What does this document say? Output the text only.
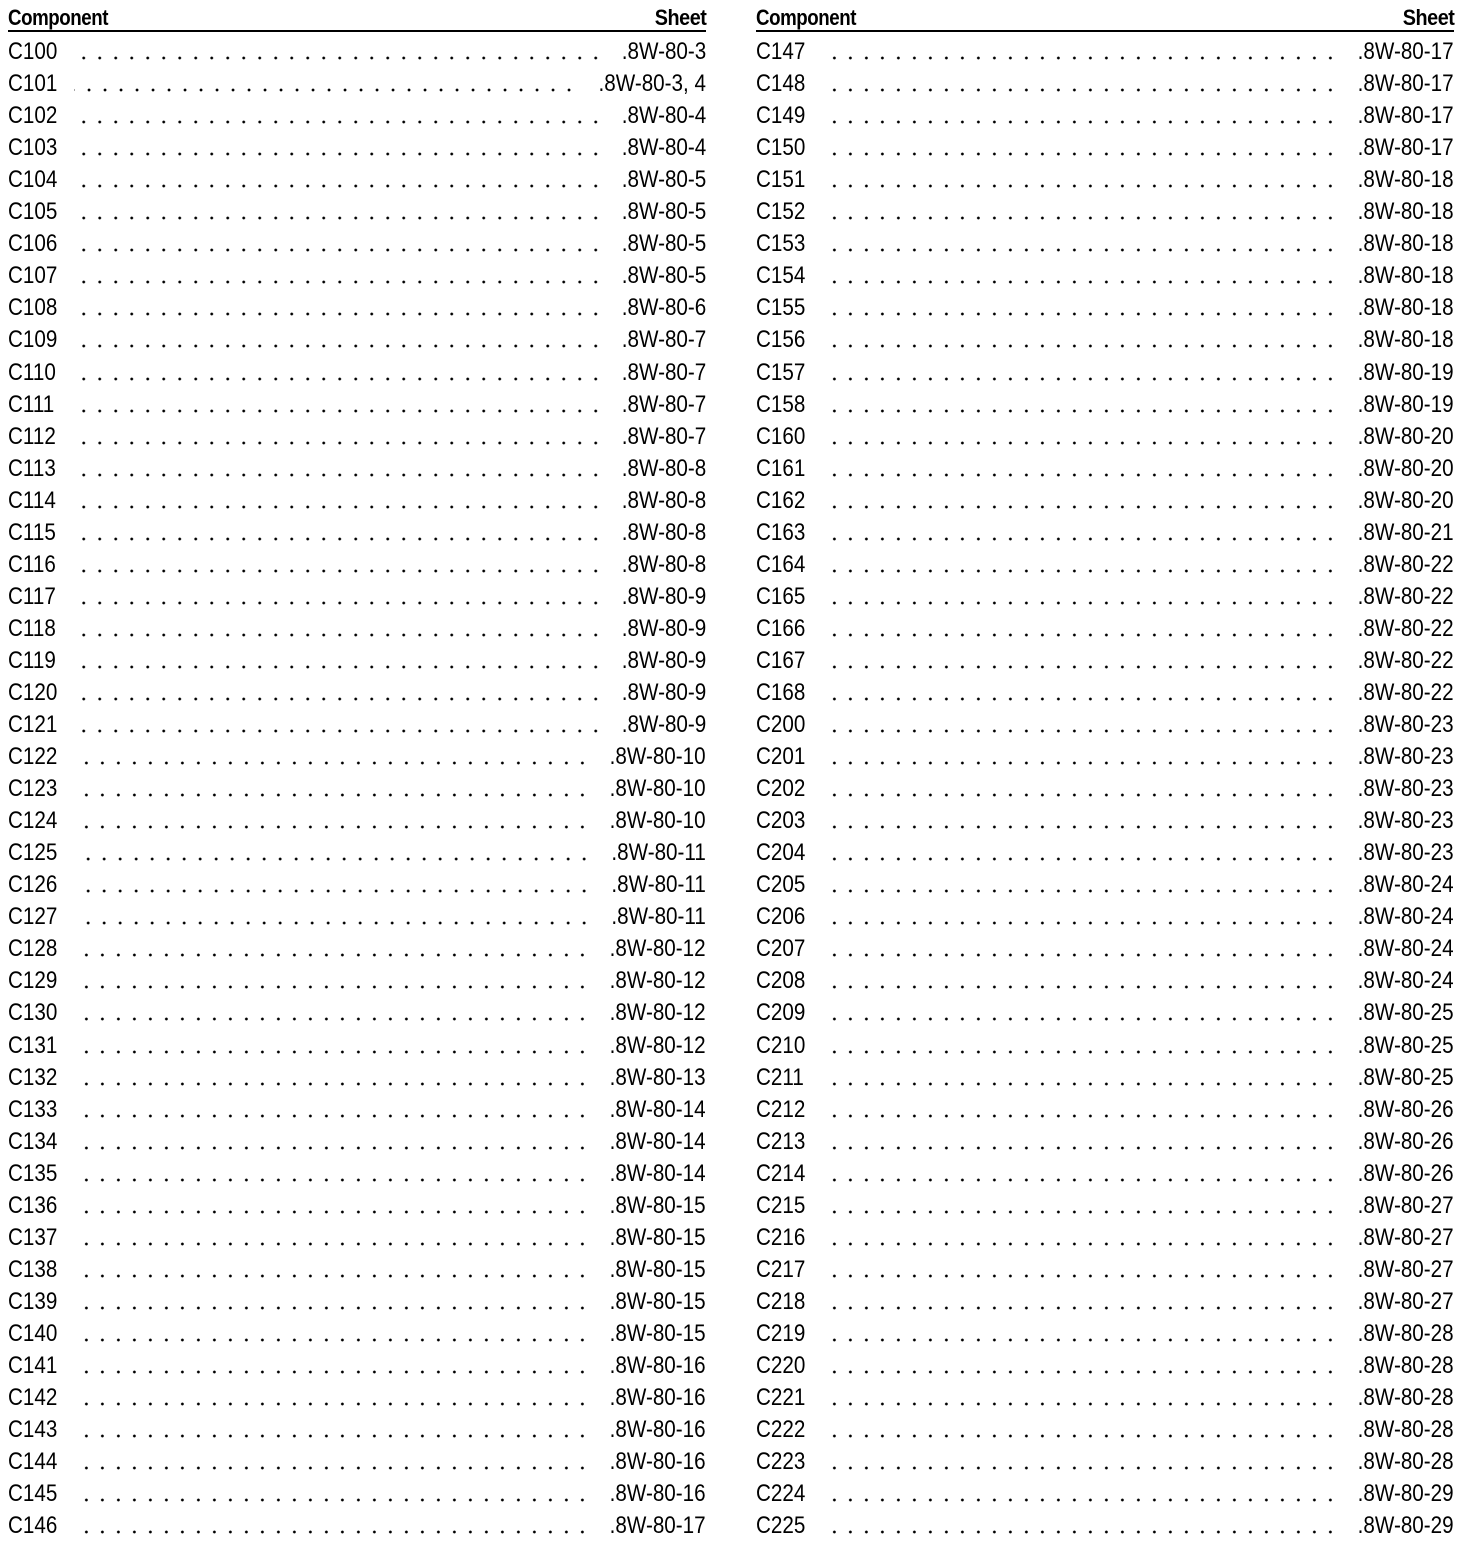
Component	Sheet
C100	.8W-80-3
C101	.8W-80-3, 4
C102	.8W-80-4
C103	.8W-80-4
C104	.8W-80-5
C105	.8W-80-5
C106	.8W-80-5
C107	.8W-80-5
C108	.8W-80-6
C109	.8W-80-7
C110	.8W-80-7
C111	.8W-80-7
C112	.8W-80-7
C113	.8W-80-8
C114	.8W-80-8
C115	.8W-80-8
C116	.8W-80-8
C117	.8W-80-9
C118	.8W-80-9
C119	.8W-80-9
C120	.8W-80-9
C121	.8W-80-9
C122	.8W-80-10
C123	.8W-80-10
C124	.8W-80-10
C125	.8W-80-11
C126	.8W-80-11
C127	.8W-80-11
C128	.8W-80-12
C129	.8W-80-12
C130	.8W-80-12
C131	.8W-80-12
C132	.8W-80-13
C133	.8W-80-14
C134	.8W-80-14
C135	.8W-80-14
C136	.8W-80-15
C137	.8W-80-15
C138	.8W-80-15
C139	.8W-80-15
C140	.8W-80-15
C141	.8W-80-16
C142	.8W-80-16
C143	.8W-80-16
C144	.8W-80-16
C145	.8W-80-16
C146	.8W-80-17
Component	Sheet
C147	.8W-80-17
C148	.8W-80-17
C149	.8W-80-17
C150	.8W-80-17
C151	.8W-80-18
C152	.8W-80-18
C153	.8W-80-18
C154	.8W-80-18
C155	.8W-80-18
C156	.8W-80-18
C157	.8W-80-19
C158	.8W-80-19
C160	.8W-80-20
C161	.8W-80-20
C162	.8W-80-20
C163	.8W-80-21
C164	.8W-80-22
C165	.8W-80-22
C166	.8W-80-22
C167	.8W-80-22
C168	.8W-80-22
C200	.8W-80-23
C201	.8W-80-23
C202	.8W-80-23
C203	.8W-80-23
C204	.8W-80-23
C205	.8W-80-24
C206	.8W-80-24
C207	.8W-80-24
C208	.8W-80-24
C209	.8W-80-25
C210	.8W-80-25
C211	.8W-80-25
C212	.8W-80-26
C213	.8W-80-26
C214	.8W-80-26
C215	.8W-80-27
C216	.8W-80-27
C217	.8W-80-27
C218	.8W-80-27
C219	.8W-80-28
C220	.8W-80-28
C221	.8W-80-28
C222	.8W-80-28
C223	.8W-80-28
C224	.8W-80-29
C225	.8W-80-29
